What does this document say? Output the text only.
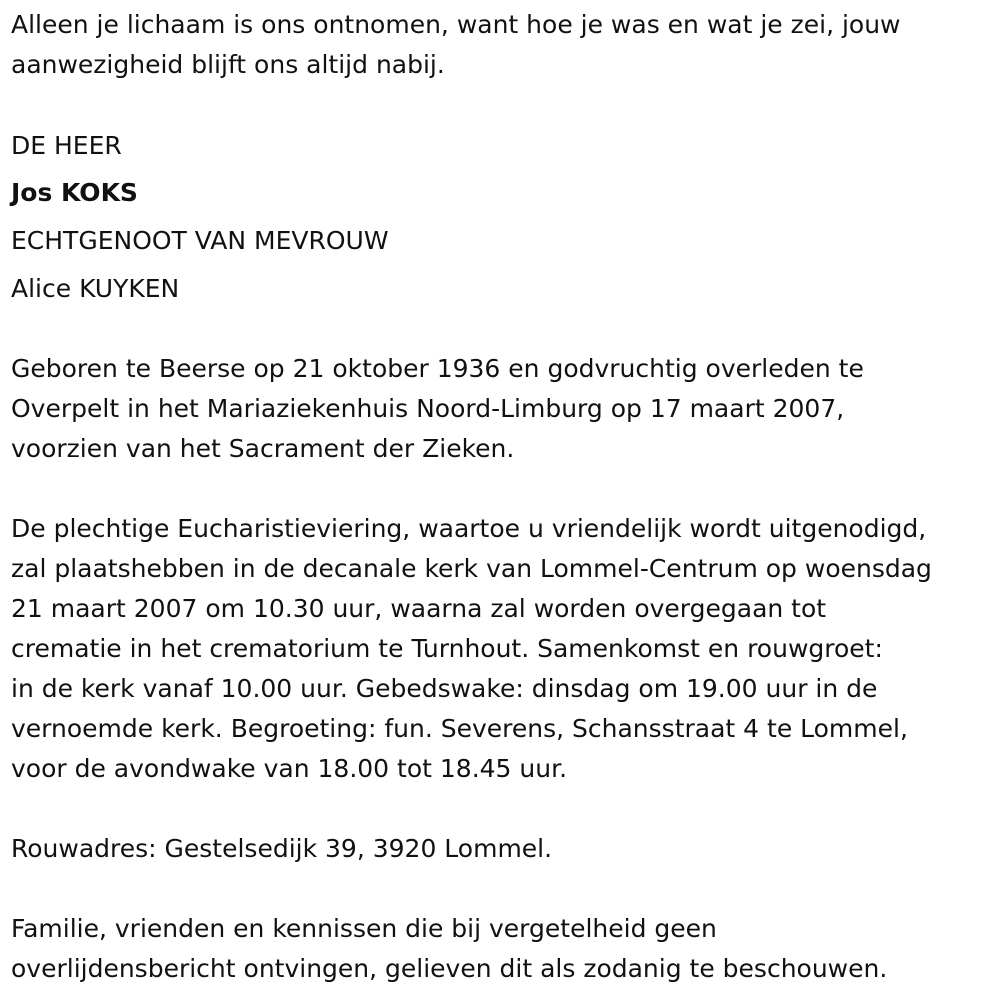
Alleen je lichaam is ons ontnomen, want hoe je was en wat je zei, jouw
aanwezigheid blijft ons altijd nabij.
DE HEER
Jos KOKS
ECHTGENOOT VAN MEVROUW
Alice KUYKEN
Geboren te Beerse op 21 oktober 1936 en godvruchtig overleden te
Overpelt in het Mariaziekenhuis Noord-Limburg op 17 maart 2007,
voorzien van het Sacrament der Zieken.
De plechtige Eucharistieviering, waartoe u vriendelijk wordt uitgenodigd,
zal plaatshebben in de decanale kerk van Lommel-Centrum op woensdag
21 maart 2007 om 10.30 uur, waarna zal worden overgegaan tot
crematie in het crematorium te Turnhout. Samenkomst en rouwgroet:
in de kerk vanaf 10.00 uur. Gebedswake: dinsdag om 19.00 uur in de
vernoemde kerk. Begroeting: fun. Severens, Schansstraat 4 te Lommel,
voor de avondwake van 18.00 tot 18.45 uur.
Rouwadres: Gestelsedijk 39, 3920 Lommel.
Familie, vrienden en kennissen die bij vergetelheid geen
overlijdensbericht ontvingen, gelieven dit als zodanig te beschouwen.
